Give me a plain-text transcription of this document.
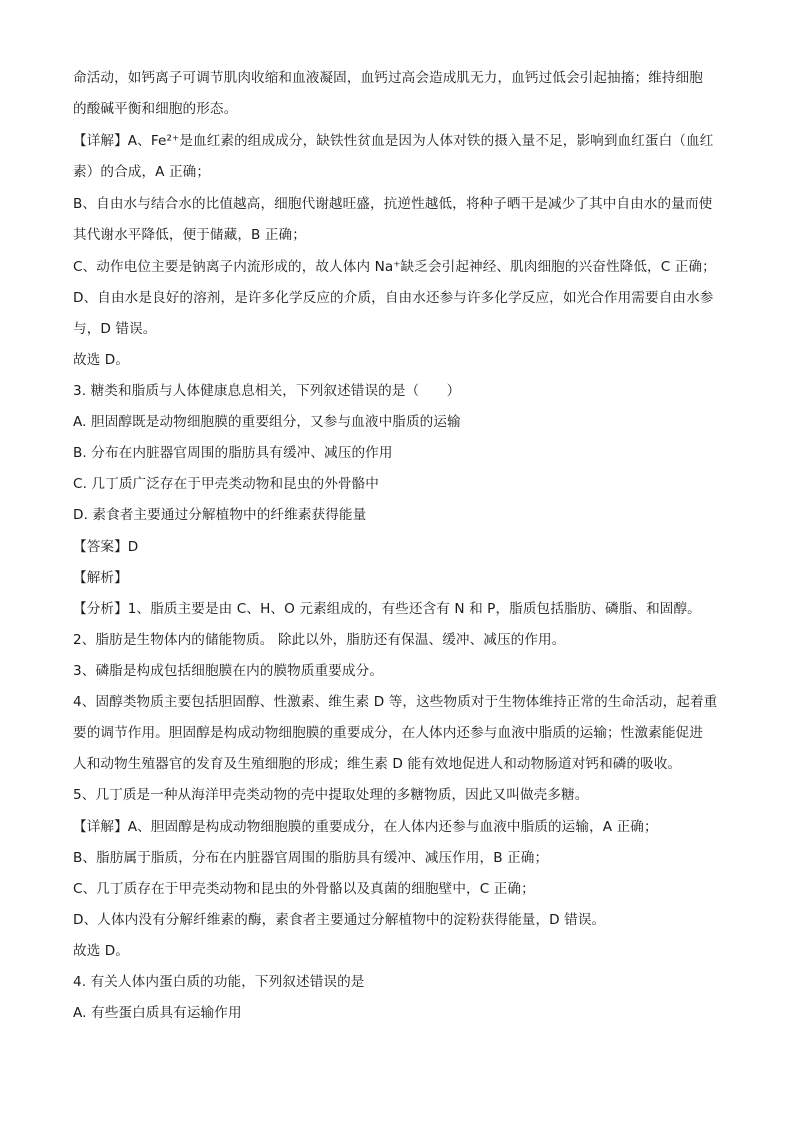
命活动，如钙离子可调节肌肉收缩和血液凝固，血钙过高会造成肌无力，血钙过低会引起抽搐；维持细胞
的酸碱平衡和细胞的形态。
【详解】A、Fe²⁺是血红素的组成成分，缺铁性贫血是因为人体对铁的摄入量不足，影响到血红蛋白（血红
素）的合成，A 正确；
B、自由水与结合水的比值越高，细胞代谢越旺盛，抗逆性越低，将种子晒干是减少了其中自由水的量而使
其代谢水平降低，便于储藏，B 正确；
C、动作电位主要是钠离子内流形成的，故人体内 Na⁺缺乏会引起神经、肌肉细胞的兴奋性降低，C 正确；
D、自由水是良好的溶剂，是许多化学反应的介质，自由水还参与许多化学反应，如光合作用需要自由水参
与，D 错误。
故选 D。
3. 糖类和脂质与人体健康息息相关，下列叙述错误的是（　　）
A. 胆固醇既是动物细胞膜的重要组分，又参与血液中脂质的运输
B. 分布在内脏器官周围的脂肪具有缓冲、减压的作用
C. 几丁质广泛存在于甲壳类动物和昆虫的外骨骼中
D. 素食者主要通过分解植物中的纤维素获得能量
【答案】D
【解析】
【分析】1、脂质主要是由 C、H、O 元素组成的，有些还含有 N 和 P，脂质包括脂肪、磷脂、和固醇。
2、脂肪是生物体内的储能物质。 除此以外，脂肪还有保温、缓冲、减压的作用。
3、磷脂是构成包括细胞膜在内的膜物质重要成分。
4、固醇类物质主要包括胆固醇、性激素、维生素 D 等，这些物质对于生物体维持正常的生命活动，起着重
要的调节作用。胆固醇是构成动物细胞膜的重要成分，在人体内还参与血液中脂质的运输；性激素能促进
人和动物生殖器官的发育及生殖细胞的形成；维生素 D 能有效地促进人和动物肠道对钙和磷的吸收。
5、几丁质是一种从海洋甲壳类动物的壳中提取处理的多糖物质，因此又叫做壳多糖。
【详解】A、胆固醇是构成动物细胞膜的重要成分，在人体内还参与血液中脂质的运输，A 正确；
B、脂肪属于脂质，分布在内脏器官周围的脂肪具有缓冲、减压作用，B 正确；
C、几丁质存在于甲壳类动物和昆虫的外骨骼以及真菌的细胞壁中，C 正确；
D、人体内没有分解纤维素的酶，素食者主要通过分解植物中的淀粉获得能量，D 错误。
故选 D。
4. 有关人体内蛋白质的功能，下列叙述错误的是
A. 有些蛋白质具有运输作用
